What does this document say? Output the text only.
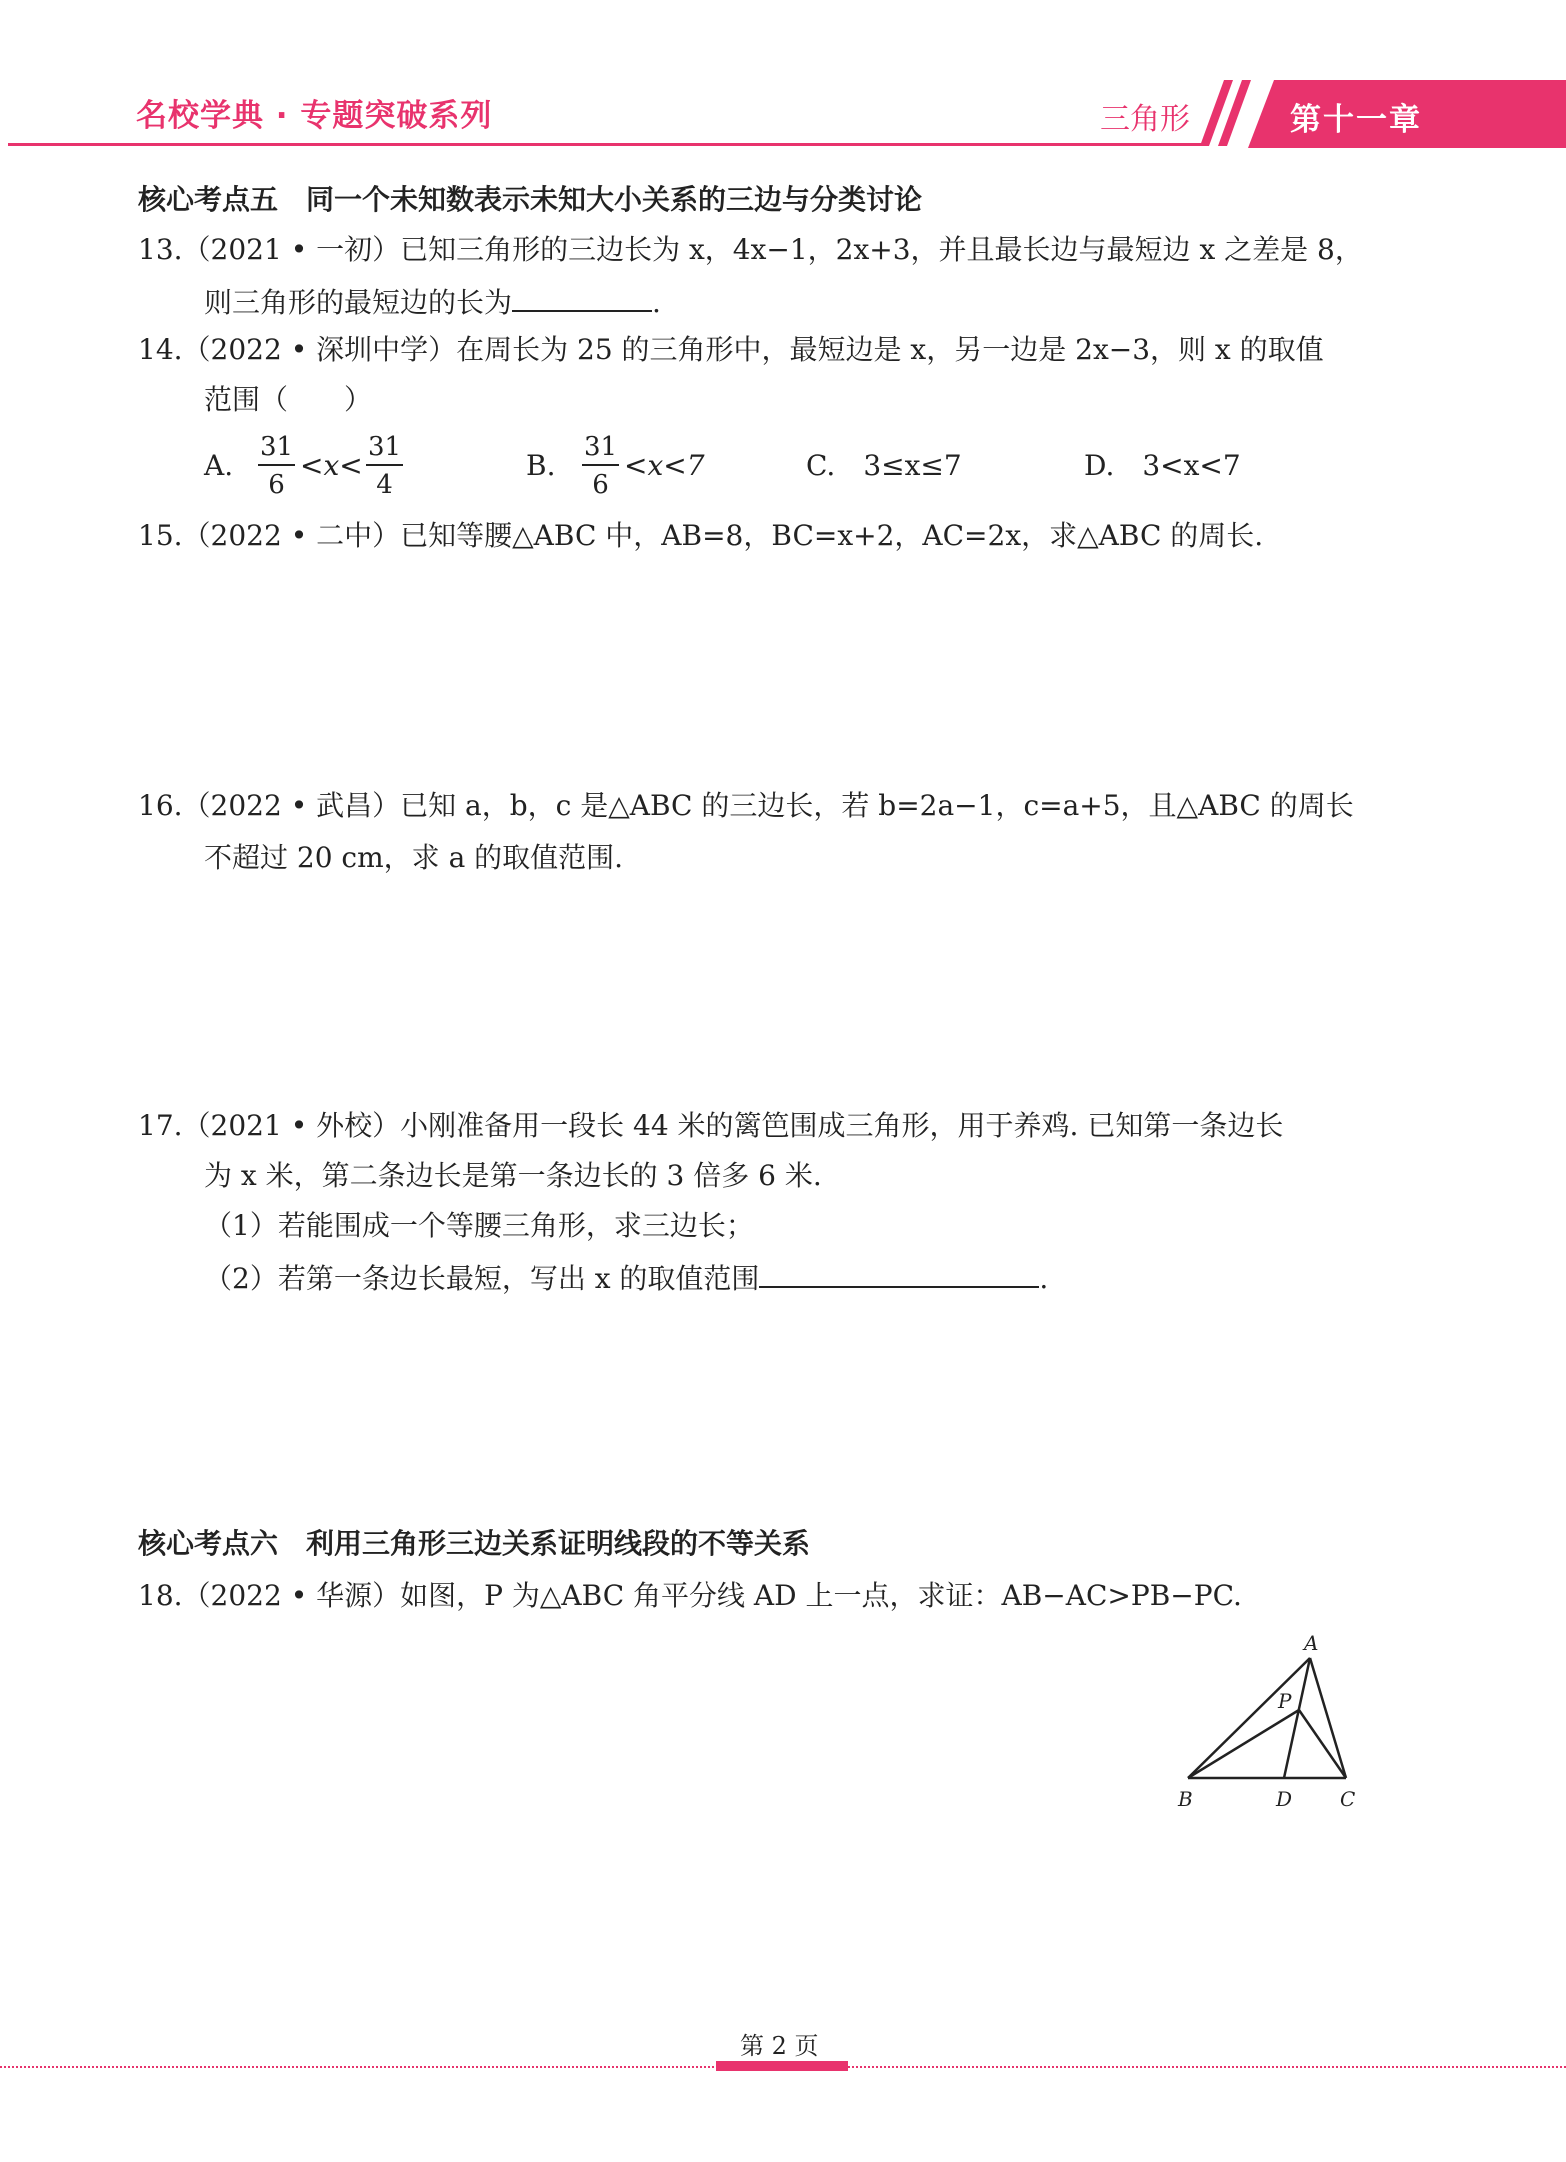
名校学典 · 专题突破系列	三角形	第十一章
核心考点五　同一个未知数表示未知大小关系的三边与分类讨论
13.（2021 • 一初）已知三角形的三边长为 x，4x−1，2x+3，并且最长边与最短边 x 之差是 8，
则三角形的最短边的长为	.
14.（2022 • 深圳中学）在周长为 25 的三角形中，最短边是 x，另一边是 2x−3，则 x 的取值
范围（　　）
A. $\frac{31}{6} <x< \frac{31}{4}$	B. $\frac{31}{6} <x<7$	C.　3≤x≤7	D.　3<x<7
15.（2022 • 二中）已知等腰△ABC 中，AB=8，BC=x+2，AC=2x，求△ABC 的周长.
16.（2022 • 武昌）已知 a，b，c 是△ABC 的三边长，若 b=2a−1，c=a+5，且△ABC 的周长
不超过 20 cm，求 a 的取值范围.
17.（2021 • 外校）小刚准备用一段长 44 米的篱笆围成三角形，用于养鸡. 已知第一条边长
为 x 米，第二条边长是第一条边长的 3 倍多 6 米.
（1）若能围成一个等腰三角形，求三边长；
（2）若第一条边长最短，写出 x 的取值范围	.
核心考点六　利用三角形三边关系证明线段的不等关系
18.（2022 • 华源）如图，P 为△ABC 角平分线 AD 上一点，求证：AB−AC>PB−PC.
A
P
B	D C
第 2 页
